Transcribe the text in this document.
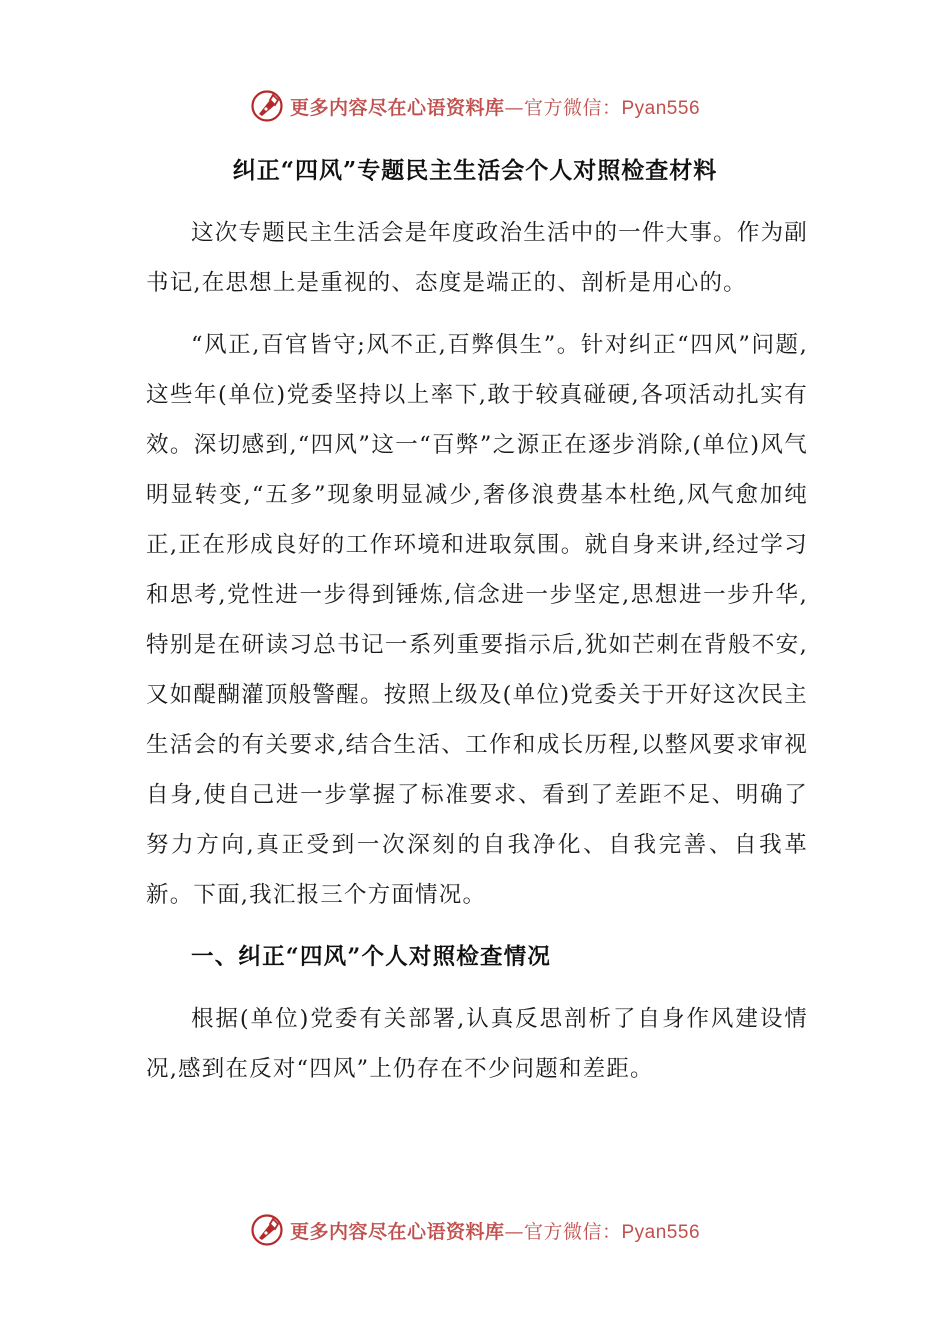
更多内容尽在心语资料库—官方微信：Pyan556
纠正“四风”专题民主生活会个人对照检查材料

这次专题民主生活会是年度政治生活中的一件大事。作为副书记,在思想上是重视的、态度是端正的、剖析是用心的。

“风正,百官皆守;风不正,百弊俱生”。针对纠正“四风”问题,这些年(单位)党委坚持以上率下,敢于较真碰硬,各项活动扎实有效。深切感到,“四风”这一“百弊”之源正在逐步消除,(单位)风气明显转变,“五多”现象明显减少,奢侈浪费基本杜绝,风气愈加纯正,正在形成良好的工作环境和进取氛围。就自身来讲,经过学习和思考,党性进一步得到锤炼,信念进一步坚定,思想进一步升华,特别是在研读习总书记一系列重要指示后,犹如芒刺在背般不安,又如醍醐灌顶般警醒。按照上级及(单位)党委关于开好这次民主生活会的有关要求,结合生活、工作和成长历程,以整风要求审视自身,使自己进一步掌握了标准要求、看到了差距不足、明确了努力方向,真正受到一次深刻的自我净化、自我完善、自我革新。下面,我汇报三个方面情况。

一、纠正“四风”个人对照检查情况

根据(单位)党委有关部署,认真反思剖析了自身作风建设情况,感到在反对“四风”上仍存在不少问题和差距。

更多内容尽在心语资料库—官方微信：Pyan556
